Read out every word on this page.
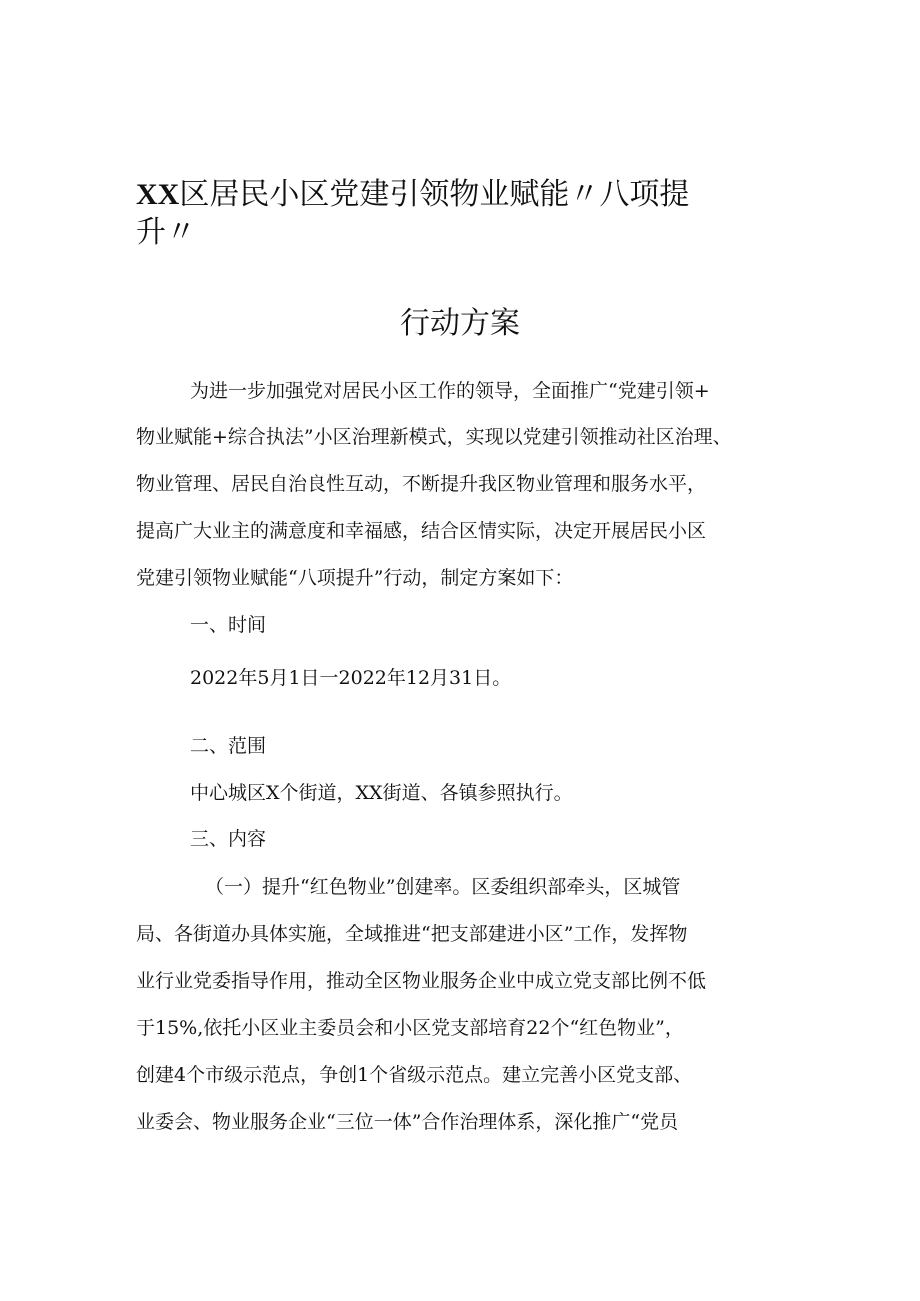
XX区居民小区党建引领物业赋能〃八项提
升〃
行动方案
为进一步加强党对居民小区工作的领导，全面推广“党建引领+
物业赋能+综合执法”小区治理新模式，实现以党建引领推动社区治理、
物业管理、居民自治良性互动，不断提升我区物业管理和服务水平，
提高广大业主的满意度和幸福感，结合区情实际，决定开展居民小区
党建引领物业赋能“八项提升”行动，制定方案如下：
一、时间
2022年5月1日一2022年12月31日。
二、范围
中心城区X个街道，XX街道、各镇参照执行。
三、内容
（一）提升“红色物业”创建率。区委组织部牵头，区城管
局、各街道办具体实施，全域推进“把支部建进小区”工作，发挥物
业行业党委指导作用，推动全区物业服务企业中成立党支部比例不低
于15%,依托小区业主委员会和小区党支部培育22个“红色物业”，
创建4个市级示范点，争创1个省级示范点。建立完善小区党支部、
业委会、物业服务企业“三位一体”合作治理体系，深化推广“党员
